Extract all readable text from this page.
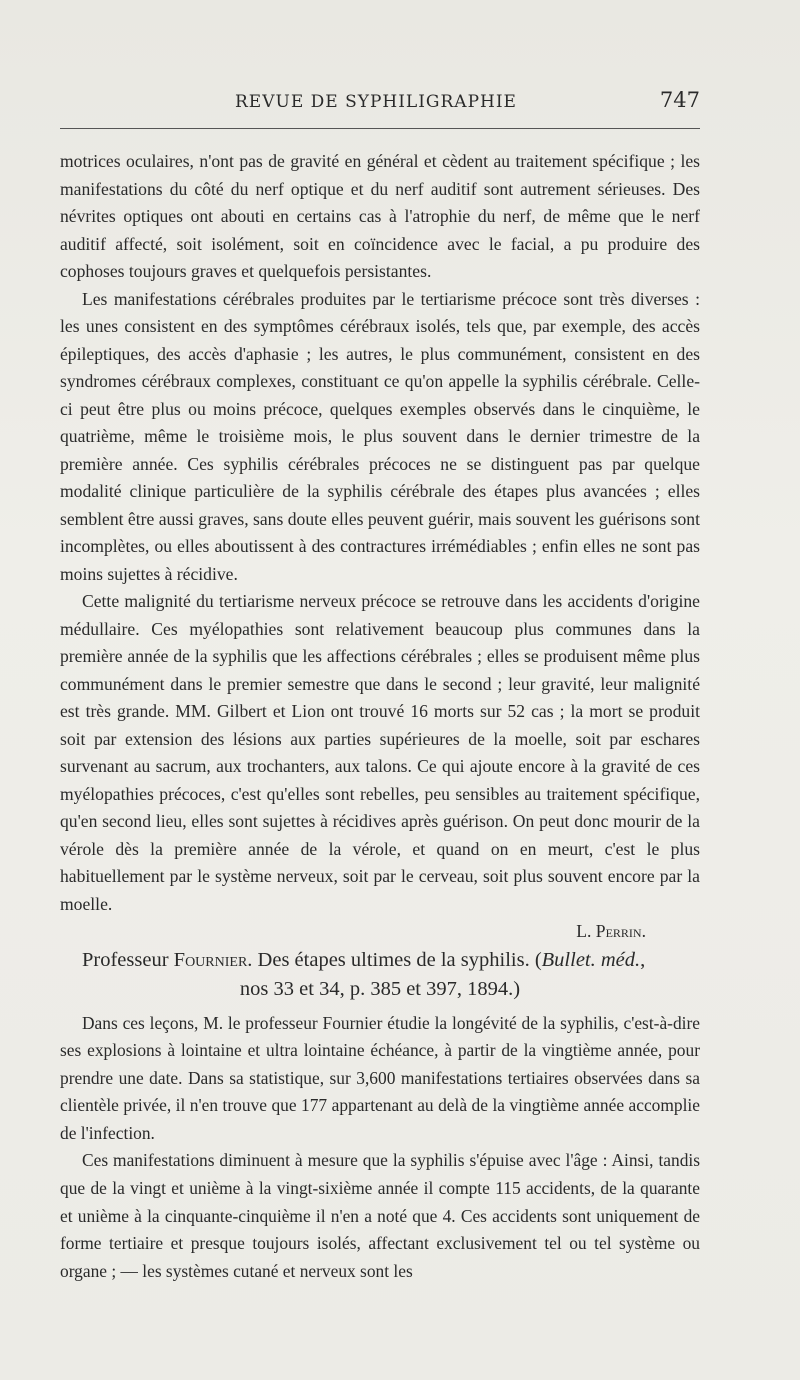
REVUE DE SYPHILIGRAPHIE	747

motrices oculaires, n'ont pas de gravité en général et cèdent au traitement spécifique ; les manifestations du côté du nerf optique et du nerf auditif sont autrement sérieuses. Des névrites optiques ont abouti en certains cas à l'atrophie du nerf, de même que le nerf auditif affecté, soit isolément, soit en coïncidence avec le facial, a pu produire des cophoses toujours graves et quelquefois persistantes.

Les manifestations cérébrales produites par le tertiarisme précoce sont très diverses : les unes consistent en des symptômes cérébraux isolés, tels que, par exemple, des accès épileptiques, des accès d'aphasie ; les autres, le plus communément, consistent en des syndromes cérébraux complexes, constituant ce qu'on appelle la syphilis cérébrale. Celle-ci peut être plus ou moins précoce, quelques exemples observés dans le cinquième, le quatrième, même le troisième mois, le plus souvent dans le dernier trimestre de la première année. Ces syphilis cérébrales précoces ne se distinguent pas par quelque modalité clinique particulière de la syphilis cérébrale des étapes plus avancées ; elles semblent être aussi graves, sans doute elles peuvent guérir, mais souvent les guérisons sont incomplètes, ou elles aboutissent à des contractures irrémédiables ; enfin elles ne sont pas moins sujettes à récidive.

Cette malignité du tertiarisme nerveux précoce se retrouve dans les accidents d'origine médullaire. Ces myélopathies sont relativement beaucoup plus communes dans la première année de la syphilis que les affections cérébrales ; elles se produisent même plus communément dans le premier semestre que dans le second ; leur gravité, leur malignité est très grande. MM. Gilbert et Lion ont trouvé 16 morts sur 52 cas ; la mort se produit soit par extension des lésions aux parties supérieures de la moelle, soit par eschares survenant au sacrum, aux trochanters, aux talons. Ce qui ajoute encore à la gravité de ces myélopathies précoces, c'est qu'elles sont rebelles, peu sensibles au traitement spécifique, qu'en second lieu, elles sont sujettes à récidives après guérison. On peut donc mourir de la vérole dès la première année de la vérole, et quand on en meurt, c'est le plus habituellement par le système nerveux, soit par le cerveau, soit plus souvent encore par la moelle.

L. Perrin.

Professeur Fournier. Des étapes ultimes de la syphilis. (Bullet. méd.,

nos 33 et 34, p. 385 et 397, 1894.)

Dans ces leçons, M. le professeur Fournier étudie la longévité de la syphilis, c'est-à-dire ses explosions à lointaine et ultra lointaine échéance, à partir de la vingtième année, pour prendre une date. Dans sa statistique, sur 3,600 manifestations tertiaires observées dans sa clientèle privée, il n'en trouve que 177 appartenant au delà de la vingtième année accomplie de l'infection.

Ces manifestations diminuent à mesure que la syphilis s'épuise avec l'âge : Ainsi, tandis que de la vingt et unième à la vingt-sixième année il compte 115 accidents, de la quarante et unième à la cinquante-cinquième il n'en a noté que 4. Ces accidents sont uniquement de forme tertiaire et presque toujours isolés, affectant exclusivement tel ou tel système ou organe ; — les systèmes cutané et nerveux sont les
